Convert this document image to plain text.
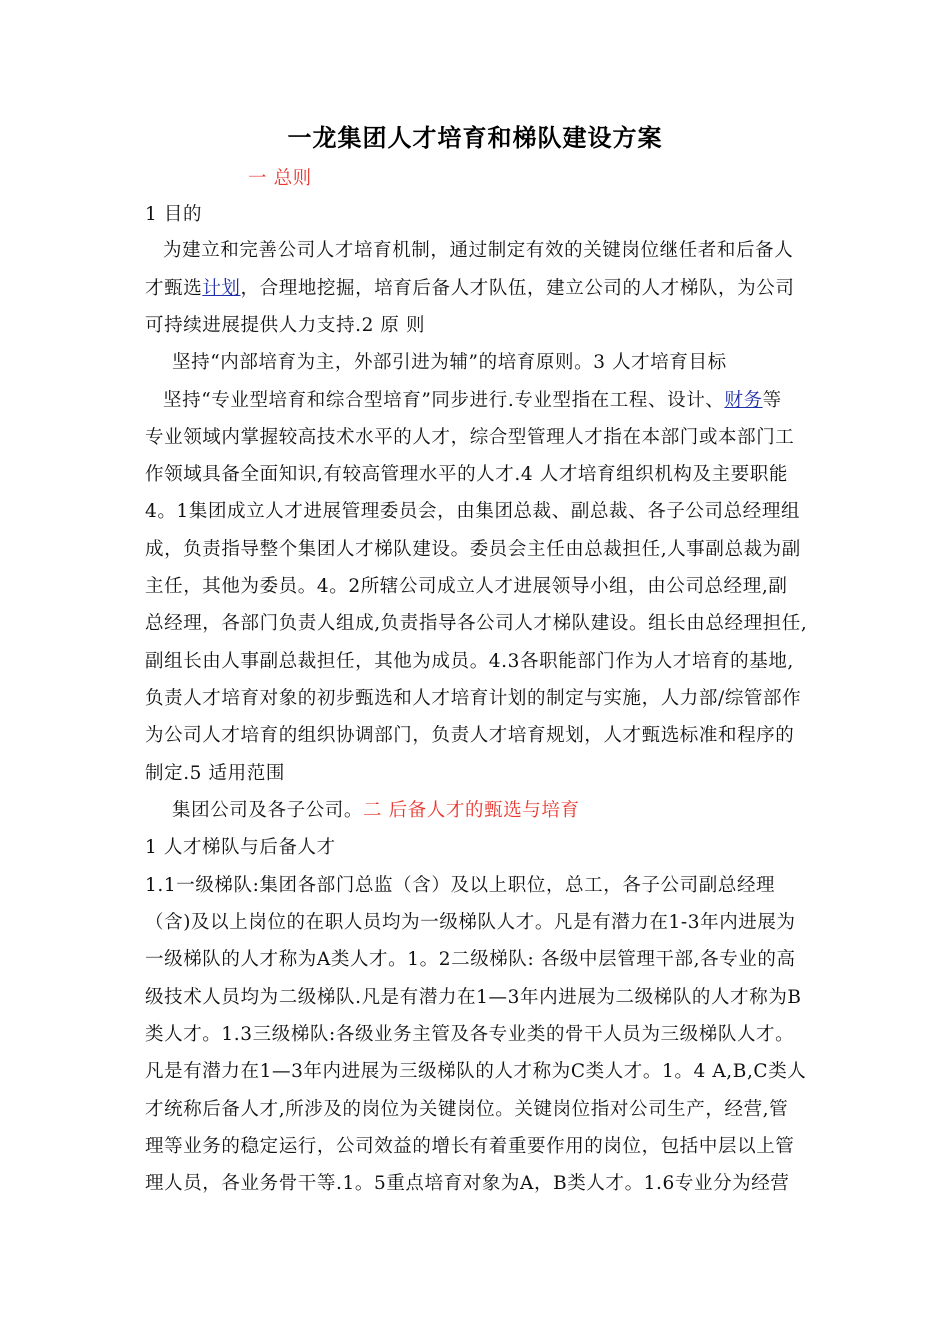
一龙集团人才培育和梯队建设方案
一 总则
1 目的
为建立和完善公司人才培育机制，通过制定有效的关键岗位继任者和后备人
才甄选计划，合理地挖掘，培育后备人才队伍，建立公司的人才梯队，为公司
可持续进展提供人力支持.2 原 则
坚持“内部培育为主，外部引进为辅”的培育原则。3 人才培育目标
坚持“专业型培育和综合型培育”同步进行.专业型指在工程、设计、财务等
专业领域内掌握较高技术水平的人才，综合型管理人才指在本部门或本部门工
作领域具备全面知识,有较高管理水平的人才.4 人才培育组织机构及主要职能
4。1集团成立人才进展管理委员会，由集团总裁、副总裁、各子公司总经理组
成，负责指导整个集团人才梯队建设。委员会主任由总裁担任,人事副总裁为副
主任，其他为委员。4。2所辖公司成立人才进展领导小组，由公司总经理,副
总经理，各部门负责人组成,负责指导各公司人才梯队建设。组长由总经理担任,
副组长由人事副总裁担任，其他为成员。4.3各职能部门作为人才培育的基地,
负责人才培育对象的初步甄选和人才培育计划的制定与实施，人力部/综管部作
为公司人才培育的组织协调部门，负责人才培育规划，人才甄选标准和程序的
制定.5 适用范围
集团公司及各子公司。二 后备人才的甄选与培育
1 人才梯队与后备人才
1.1一级梯队:集团各部门总监（含）及以上职位，总工，各子公司副总经理
（含)及以上岗位的在职人员均为一级梯队人才。凡是有潜力在1-3年内进展为
一级梯队的人才称为A类人才。1。2二级梯队: 各级中层管理干部,各专业的高
级技术人员均为二级梯队.凡是有潜力在1—3年内进展为二级梯队的人才称为B
类人才。1.3三级梯队:各级业务主管及各专业类的骨干人员为三级梯队人才。
凡是有潜力在1—3年内进展为三级梯队的人才称为C类人才。1。4 A,B,C类人
才统称后备人才,所涉及的岗位为关键岗位。关键岗位指对公司生产，经营,管
理等业务的稳定运行，公司效益的增长有着重要作用的岗位，包括中层以上管
理人员，各业务骨干等.1。5重点培育对象为A，B类人才。1.6专业分为经营
